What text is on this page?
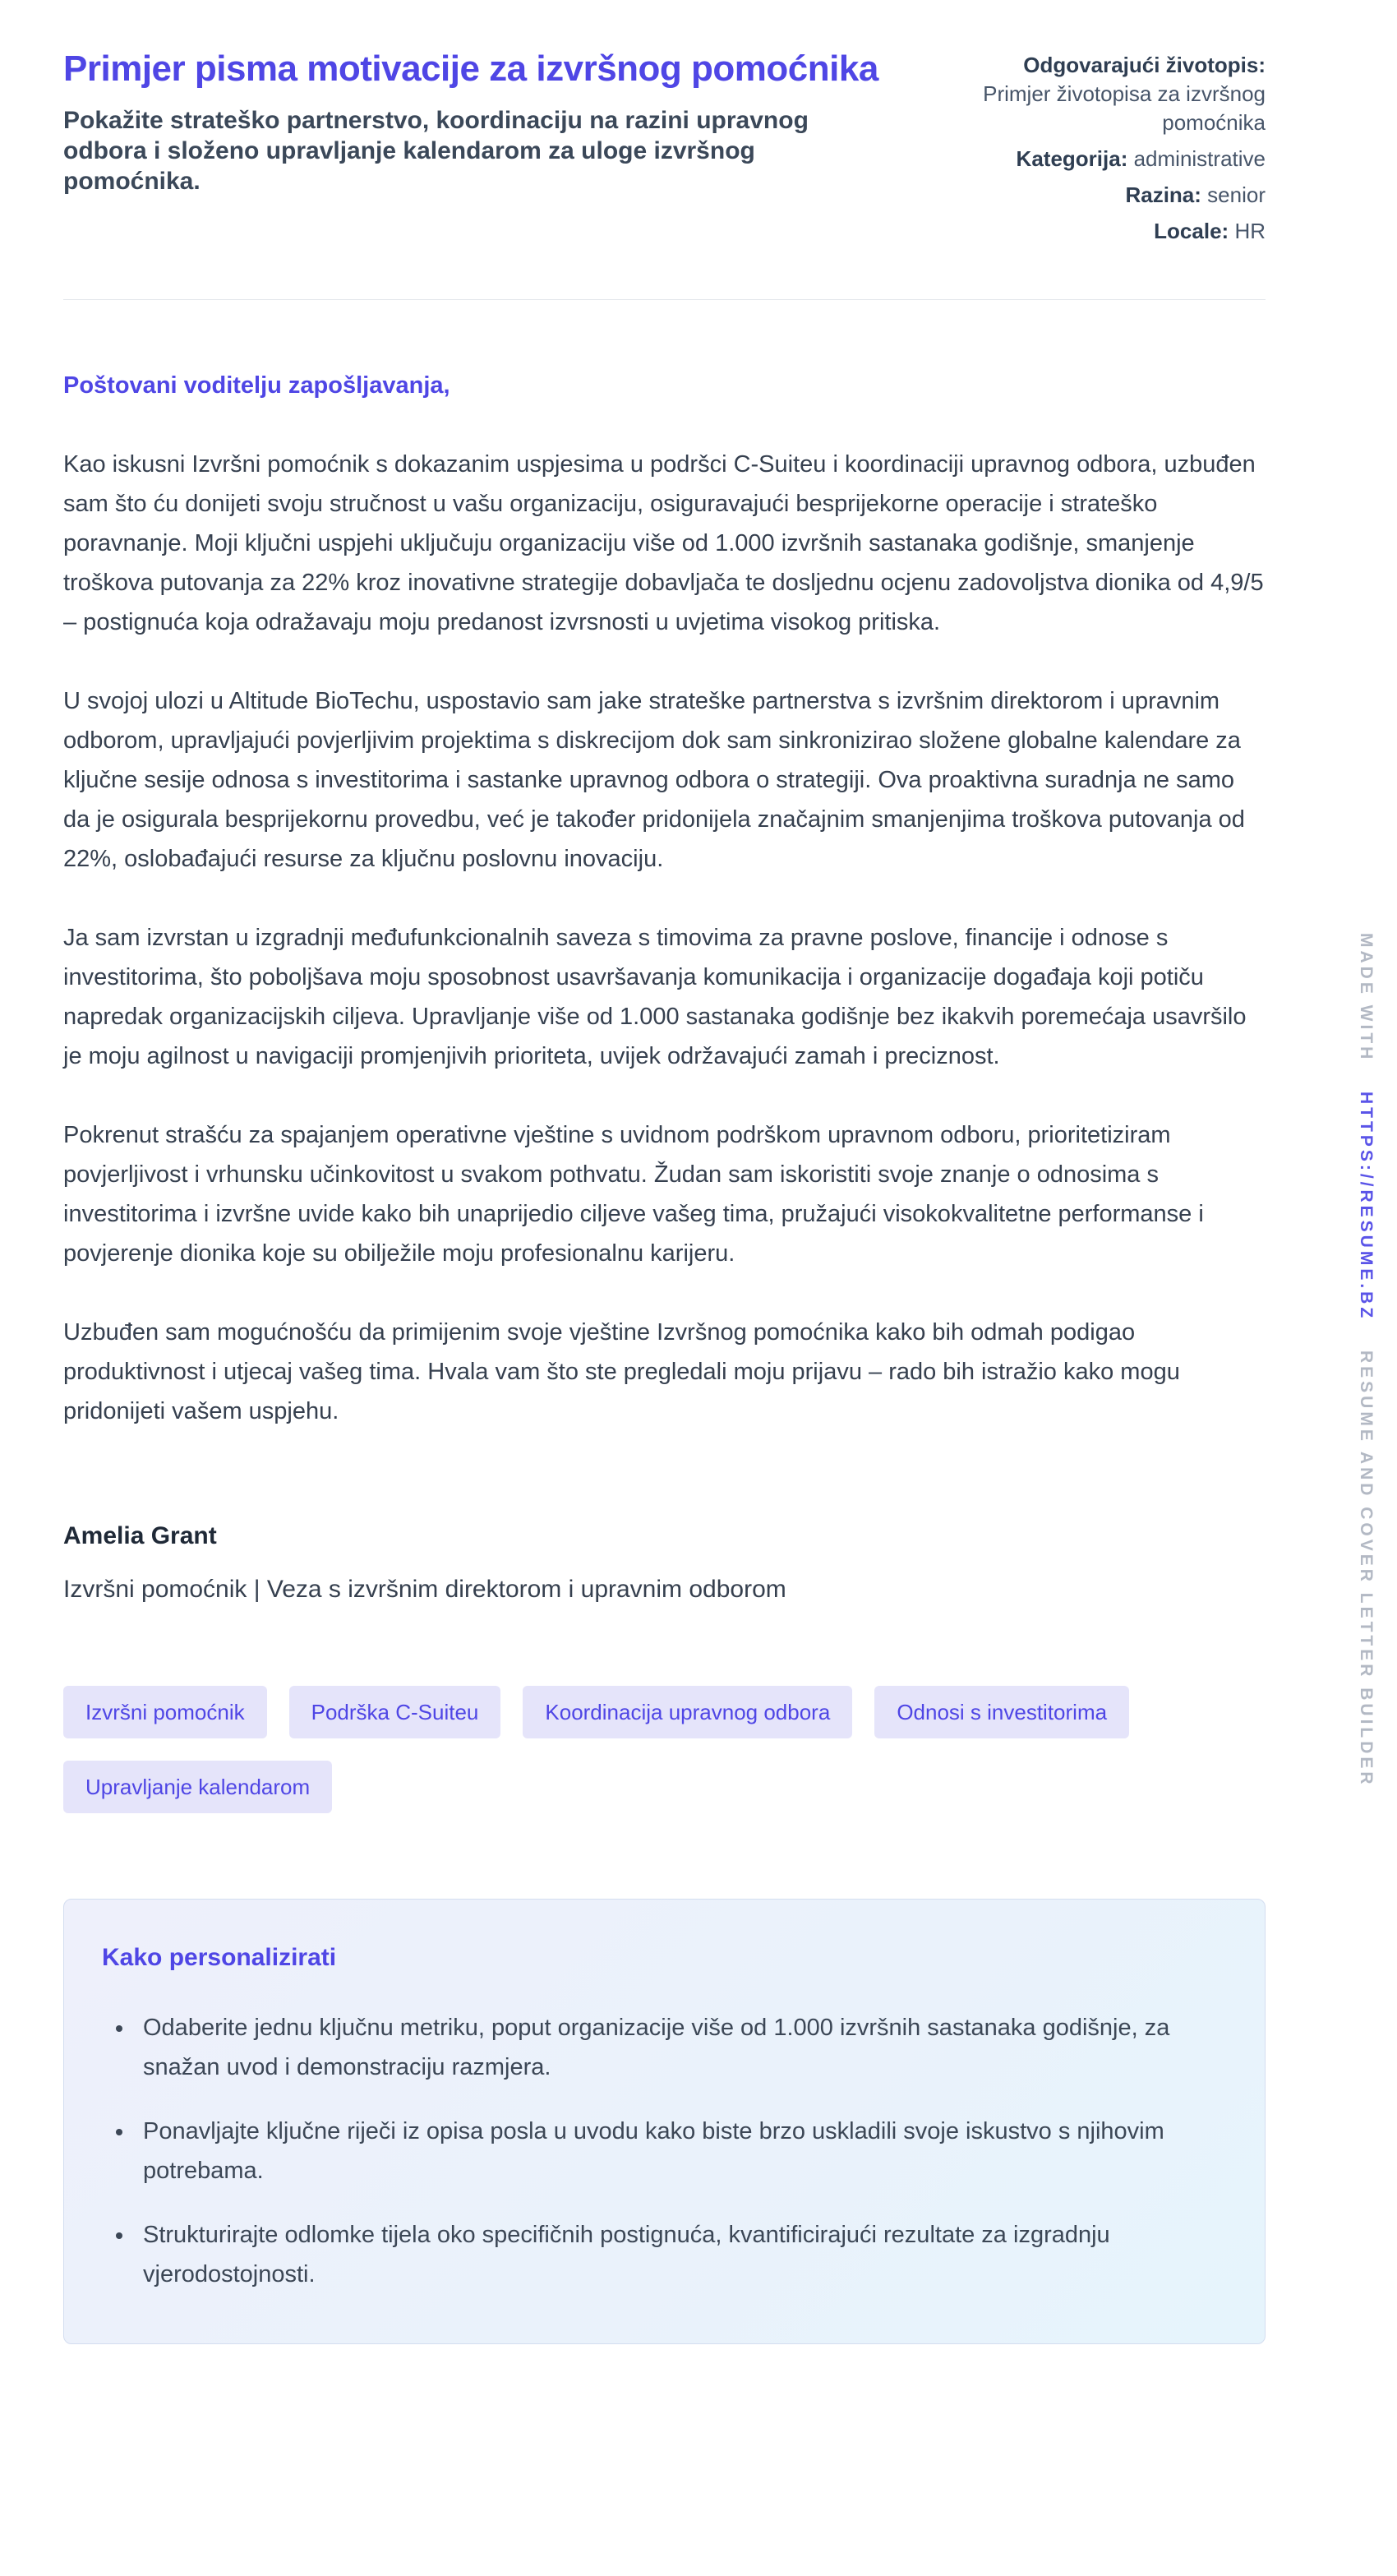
Primjer pisma motivacije za izvršnog pomoćnika
Pokažite strateško partnerstvo, koordinaciju na razini upravnog odbora i složeno upravljanje kalendarom za uloge izvršnog pomoćnika.
Odgovarajući životopis:
Primjer životopisa za izvršnog pomoćnika
Kategorija: administrative
Razina: senior
Locale: HR

Poštovani voditelju zapošljavanja,

Kao iskusni Izvršni pomoćnik s dokazanim uspjesima u podršci C-Suiteu i koordinaciji upravnog odbora, uzbuđen sam što ću donijeti svoju stručnost u vašu organizaciju, osiguravajući besprijekorne operacije i strateško poravnanje. Moji ključni uspjehi uključuju organizaciju više od 1.000 izvršnih sastanaka godišnje, smanjenje troškova putovanja za 22% kroz inovativne strategije dobavljača te dosljednu ocjenu zadovoljstva dionika od 4,9/5 – postignuća koja odražavaju moju predanost izvrsnosti u uvjetima visokog pritiska.

U svojoj ulozi u Altitude BioTechu, uspostavio sam jake strateške partnerstva s izvršnim direktorom i upravnim odborom, upravljajući povjerljivim projektima s diskrecijom dok sam sinkronizirao složene globalne kalendare za ključne sesije odnosa s investitorima i sastanke upravnog odbora o strategiji. Ova proaktivna suradnja ne samo da je osigurala besprijekornu provedbu, već je također pridonijela značajnim smanjenjima troškova putovanja od 22%, oslobađajući resurse za ključnu poslovnu inovaciju.

Ja sam izvrstan u izgradnji međufunkcionalnih saveza s timovima za pravne poslove, financije i odnose s investitorima, što poboljšava moju sposobnost usavršavanja komunikacija i organizacije događaja koji potiču napredak organizacijskih ciljeva. Upravljanje više od 1.000 sastanaka godišnje bez ikakvih poremećaja usavršilo je moju agilnost u navigaciji promjenjivih prioriteta, uvijek održavajući zamah i preciznost.

Pokrenut strašću za spajanjem operativne vještine s uvidnom podrškom upravnom odboru, prioritetiziram povjerljivost i vrhunsku učinkovitost u svakom pothvatu. Žudan sam iskoristiti svoje znanje o odnosima s investitorima i izvršne uvide kako bih unaprijedio ciljeve vašeg tima, pružajući visokokvalitetne performanse i povjerenje dionika koje su obilježile moju profesionalnu karijeru.

Uzbuđen sam mogućnošću da primijenim svoje vještine Izvršnog pomoćnika kako bih odmah podigao produktivnost i utjecaj vašeg tima. Hvala vam što ste pregledali moju prijavu – rado bih istražio kako mogu pridonijeti vašem uspjehu.

Amelia Grant
Izvršni pomoćnik | Veza s izvršnim direktorom i upravnim odborom
Izvršni pomoćnik	Podrška C-Suiteu	Koordinacija upravnog odbora	Odnosi s investitorima
Upravljanje kalendarom
Kako personalizirati
• Odaberite jednu ključnu metriku, poput organizacije više od 1.000 izvršnih sastanaka godišnje, za snažan uvod i demonstraciju razmjera.
• Ponavljajte ključne riječi iz opisa posla u uvodu kako biste brzo uskladili svoje iskustvo s njihovim potrebama.
• Strukturirajte odlomke tijela oko specifičnih postignuća, kvantificirajući rezultate za izgradnju vjerodostojnosti.
MADE WITH HTTPS://RESUME.BZ RESUME AND COVER LETTER BUILDER
